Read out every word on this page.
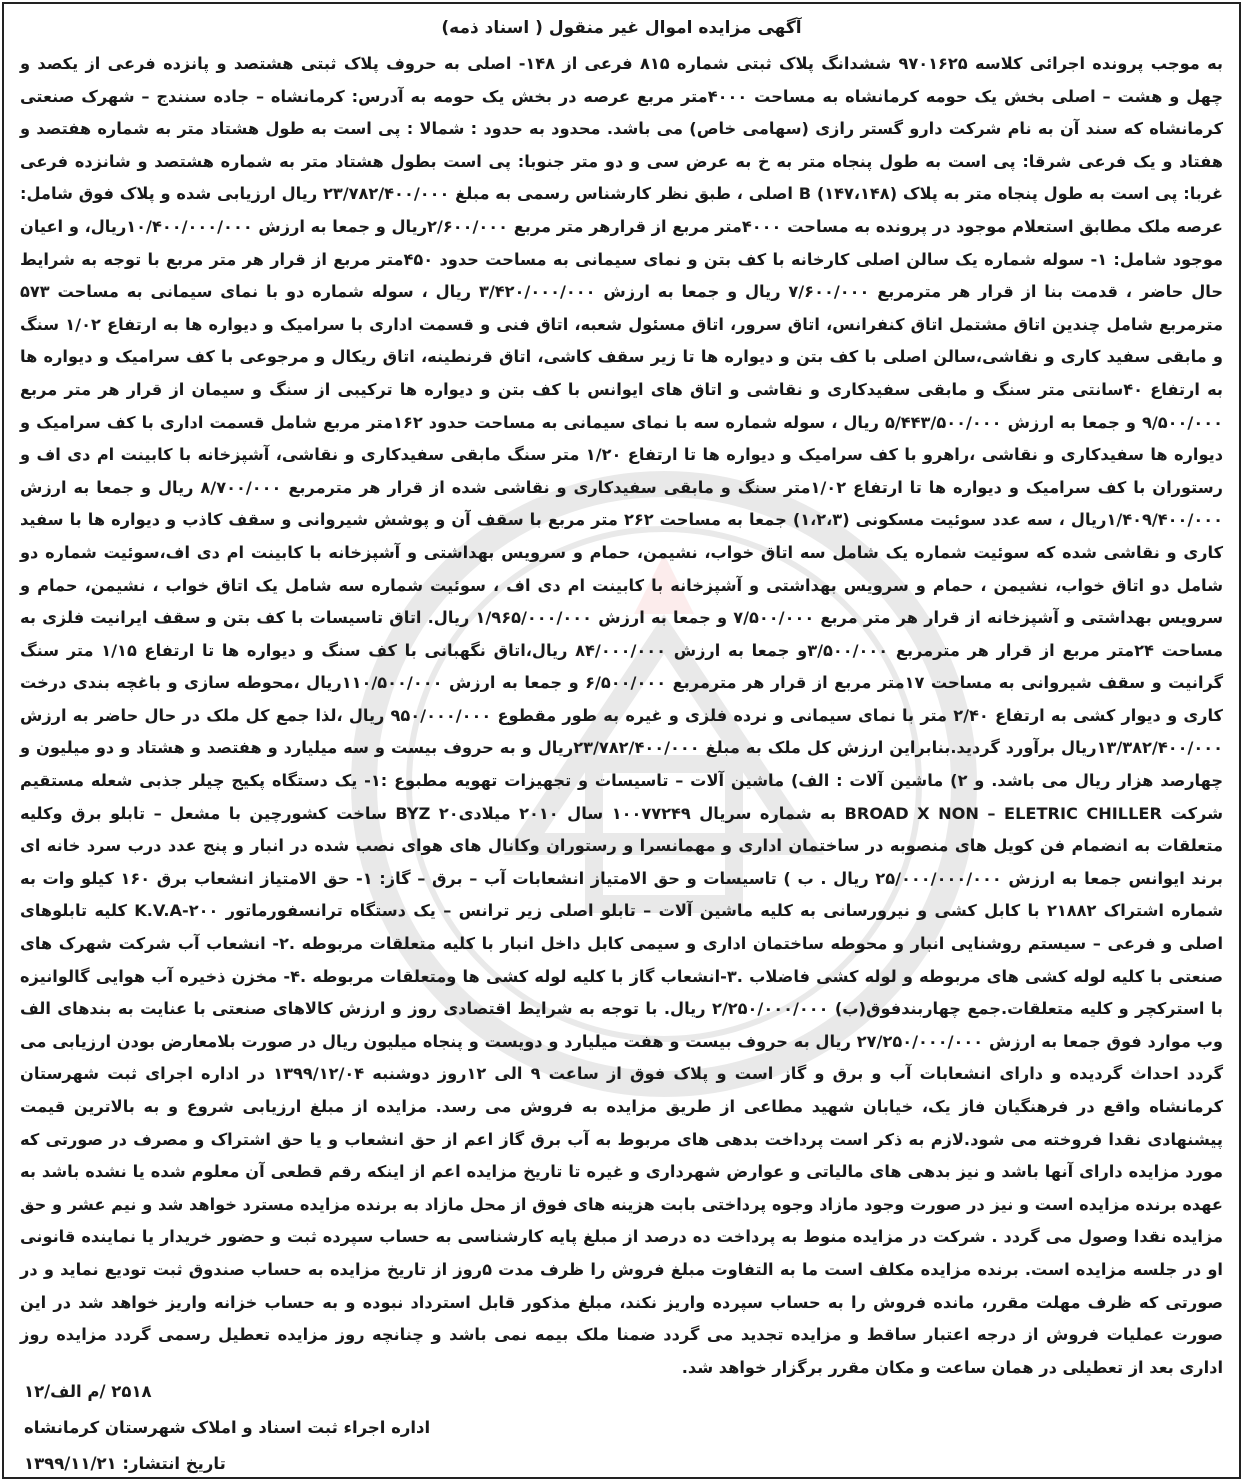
آگهی مزایده اموال غیر منقول ( اسناد ذمه)

به موجب پرونده اجرائی کلاسه ۹۷۰۱۶۲۵ ششدانگ پلاک ثبتی شماره ۸۱۵ فرعی از ۱۴۸- اصلی به حروف پلاک ثبتی هشتصد و پانزده فرعی از یکصد و چهل و هشت – اصلی بخش یک حومه کرمانشاه به مساحت ۴۰۰۰متر مربع عرصه در بخش یک حومه به آدرس: کرمانشاه – جاده سنندج – شهرک صنعتی کرمانشاه که سند آن به نام شرکت دارو گستر رازی (سهامی خاص) می باشد. محدود به حدود : شمالا : پی است به طول هشتاد متر به شماره هفتصد و هفتاد و یک فرعی شرقا: پی است به طول پنجاه متر به خ به عرض سی و دو متر جنوبا: پی است بطول هشتاد متر به شماره هشتصد و شانزده فرعی غربا: پی است به طول پنجاه متر به پلاک B (۱۴۷،۱۴۸) اصلی ، طبق نظر کارشناس رسمی به مبلغ ۲۳/۷۸۲/۴۰۰/۰۰۰ ریال ارزیابی شده و پلاک فوق شامل: عرصه ملک مطابق استعلام موجود در پرونده به مساحت ۴۰۰۰متر مربع از قرارهر متر مربع ۲/۶۰۰/۰۰۰ریال و جمعا به ارزش ۱۰/۴۰۰/۰۰۰/۰۰۰ریال، و اعیان موجود شامل: ۱- سوله شماره یک سالن اصلی کارخانه با کف بتن و نمای سیمانی به مساحت حدود ۴۵۰متر مربع از قرار هر متر مربع با توجه به شرایط حال حاضر ، قدمت بنا از قرار هر مترمربع ۷/۶۰۰/۰۰۰ ریال و جمعا به ارزش ۳/۴۲۰/۰۰۰/۰۰۰ ریال ، سوله شماره دو با نمای سیمانی به مساحت ۵۷۳ مترمربع شامل چندین اتاق مشتمل اتاق کنفرانس، اتاق سرور، اتاق مسئول شعبه، اتاق فنی و قسمت اداری با سرامیک و دیواره ها به ارتفاع ۱/۰۲ سنگ و مابقی سفید کاری و نقاشی،سالن اصلی با کف بتن و دیواره ها تا زیر سقف کاشی، اتاق قرنطینه، اتاق ریکال و مرجوعی با کف سرامیک و دیواره ها به ارتفاع ۴۰سانتی متر سنگ و مابقی سفیدکاری و نقاشی و اتاق های ایوانس با کف بتن و دیواره ها ترکیبی از سنگ و سیمان از قرار هر متر مربع ۹/۵۰۰/۰۰۰ و جمعا به ارزش ۵/۴۴۳/۵۰۰/۰۰۰ ریال ، سوله شماره سه با نمای سیمانی به مساحت حدود ۱۶۲متر مربع شامل قسمت اداری با کف سرامیک و دیواره ها سفیدکاری و نقاشی ،راهرو با کف سرامیک و دیواره ها تا ارتفاع ۱/۲۰ متر سنگ مابقی سفیدکاری و نقاشی، آشپزخانه با کابینت ام دی اف و رستوران با کف سرامیک و دیواره ها تا ارتفاع ۱/۰۲متر سنگ و مابقی سفیدکاری و نقاشی شده از قرار هر مترمربع ۸/۷۰۰/۰۰۰ ریال و جمعا به ارزش ۱/۴۰۹/۴۰۰/۰۰۰ریال ، سه عدد سوئیت مسکونی (۱،۲،۳) جمعا به مساحت ۲۶۲ متر مربع با سقف آن و پوشش شیروانی و سقف کاذب و دیواره ها با سفید کاری و نقاشی شده که سوئیت شماره یک شامل سه اتاق خواب، نشیمن، حمام و سرویس بهداشتی و آشپزخانه با کابینت ام دی اف،سوئیت شماره دو شامل دو اتاق خواب، نشیمن ، حمام و سرویس بهداشتی و آشپزخانه با کابینت ام دی اف ، سوئیت شماره سه شامل یک اتاق خواب ، نشیمن، حمام و سرویس بهداشتی و آشپزخانه از قرار هر متر مربع ۷/۵۰۰/۰۰۰ و جمعا به ارزش ۱/۹۶۵/۰۰۰/۰۰۰ ریال. اتاق تاسیسات با کف بتن و سقف ایرانیت فلزی به مساحت ۲۴متر مربع از قرار هر مترمربع ۳/۵۰۰/۰۰۰و جمعا به ارزش ۸۴/۰۰۰/۰۰۰ ریال،اتاق نگهبانی با کف سنگ و دیواره ها تا ارتفاع ۱/۱۵ متر سنگ گرانیت و سقف شیروانی به مساحت ۱۷متر مربع از قرار هر مترمربع ۶/۵۰۰/۰۰۰ و جمعا به ارزش ۱۱۰/۵۰۰/۰۰۰ریال ،محوطه سازی و باغچه بندی درخت کاری و دیوار کشی به ارتفاع ۲/۴۰ متر با نمای سیمانی و نرده فلزی و غیره به طور مقطوع ۹۵۰/۰۰۰/۰۰۰ ریال ،لذا جمع کل ملک در حال حاضر به ارزش ۱۳/۳۸۲/۴۰۰/۰۰۰ریال برآورد گردید.بنابراین ارزش کل ملک به مبلغ ۲۳/۷۸۲/۴۰۰/۰۰۰ریال و به حروف بیست و سه میلیارد و هفتصد و هشتاد و دو میلیون و چهارصد هزار ریال می باشد. و ۲) ماشین آلات : الف) ماشین آلات – تاسیسات و تجهیزات تهویه مطبوع :۱- یک دستگاه پکیج چیلر جذبی شعله مستقیم شرکت BROAD X NON – ELETRIC CHILLER به شماره سریال ۱۰۰۷۷۲۴۹ سال ۲۰۱۰ میلادی۲۰ BYZ ساخت کشورچین با مشعل – تابلو برق وکلیه متعلقات به انضمام فن کویل های منصوبه در ساختمان اداری و مهمانسرا و رستوران وکانال های هوای نصب شده در انبار و پنج عدد درب سرد خانه ای برند ایوانس جمعا به ارزش ۲۵/۰۰۰/۰۰۰/۰۰۰ ریال . ب ) تاسیسات و حق الامتیاز انشعابات آب – برق – گاز: ۱- حق الامتیاز انشعاب برق ۱۶۰ کیلو وات به شماره اشتراک ۲۱۸۸۲ با کابل کشی و نیرورسانی به کلیه ماشین آلات – تابلو اصلی زیر ترانس – یک دستگاه ترانسفورماتور K.V.A-۲۰۰ کلیه تابلوهای اصلی و فرعی – سیستم روشنایی انبار و محوطه ساختمان اداری و سیمی کابل داخل انبار با کلیه متعلقات مربوطه .۲- انشعاب آب شرکت شهرک های صنعتی با کلیه لوله کشی های مربوطه و لوله کشی فاضلاب .۳-انشعاب گاز با کلیه لوله کشی ها ومتعلقات مربوطه .۴- مخزن ذخیره آب هوایی گالوانیزه با استرکچر و کلیه متعلقات.جمع چهاربندفوق(ب) ۲/۲۵۰/۰۰۰/۰۰۰ ریال. با توجه به شرایط اقتصادی روز و ارزش کالاهای صنعتی با عنایت به بندهای الف وب موارد فوق جمعا به ارزش ۲۷/۲۵۰/۰۰۰/۰۰۰ ریال به حروف بیست و هفت میلیارد و دویست و پنجاه میلیون ریال در صورت بلامعارض بودن ارزیابی می گردد احداث گردیده و دارای انشعابات آب و برق و گاز است و پلاک فوق از ساعت ۹ الی ۱۲روز دوشنبه ۱۳۹۹/۱۲/۰۴ در اداره اجرای ثبت شهرستان کرمانشاه واقع در فرهنگیان فاز یک، خیابان شهید مطاعی از طریق مزایده به فروش می رسد. مزایده از مبلغ ارزیابی شروع و به بالاترین قیمت پیشنهادی نقدا فروخته می شود.لازم به ذکر است پرداخت بدهی های مربوط به آب برق گاز اعم از حق انشعاب و یا حق اشتراک و مصرف در صورتی که مورد مزایده دارای آنها باشد و نیز بدهی های مالیاتی و عوارض شهرداری و غیره تا تاریخ مزایده اعم از اینکه رقم قطعی آن معلوم شده یا نشده باشد به عهده برنده مزایده است و نیز در صورت وجود مازاد وجوه پرداختی بابت هزینه های فوق از محل مازاد به برنده مزایده مسترد خواهد شد و نیم عشر و حق مزایده نقدا وصول می گردد . شرکت در مزایده منوط به پرداخت ده درصد از مبلغ پایه کارشناسی به حساب سپرده ثبت و حضور خریدار یا نماینده قانونی او در جلسه مزایده است. برنده مزایده مکلف است ما به التفاوت مبلغ فروش را ظرف مدت ۵روز از تاریخ مزایده به حساب صندوق ثبت تودیع نماید و در صورتی که ظرف مهلت مقرر، مانده فروش را به حساب سپرده واریز نکند، مبلغ مذکور قابل استرداد نبوده و به حساب خزانه واریز خواهد شد در این صورت عملیات فروش از درجه اعتبار ساقط و مزایده تجدید می گردد ضمنا ملک بیمه نمی باشد و چنانچه روز مزایده تعطیل رسمی گردد مزایده روز اداری بعد از تعطیلی در همان ساعت و مکان مقرر برگزار خواهد شد.

۲۵۱۸ /م الف/۱۲
اداره اجراء ثبت اسناد و املاک شهرستان کرمانشاه
تاریخ انتشار: ۱۳۹۹/۱۱/۲۱
